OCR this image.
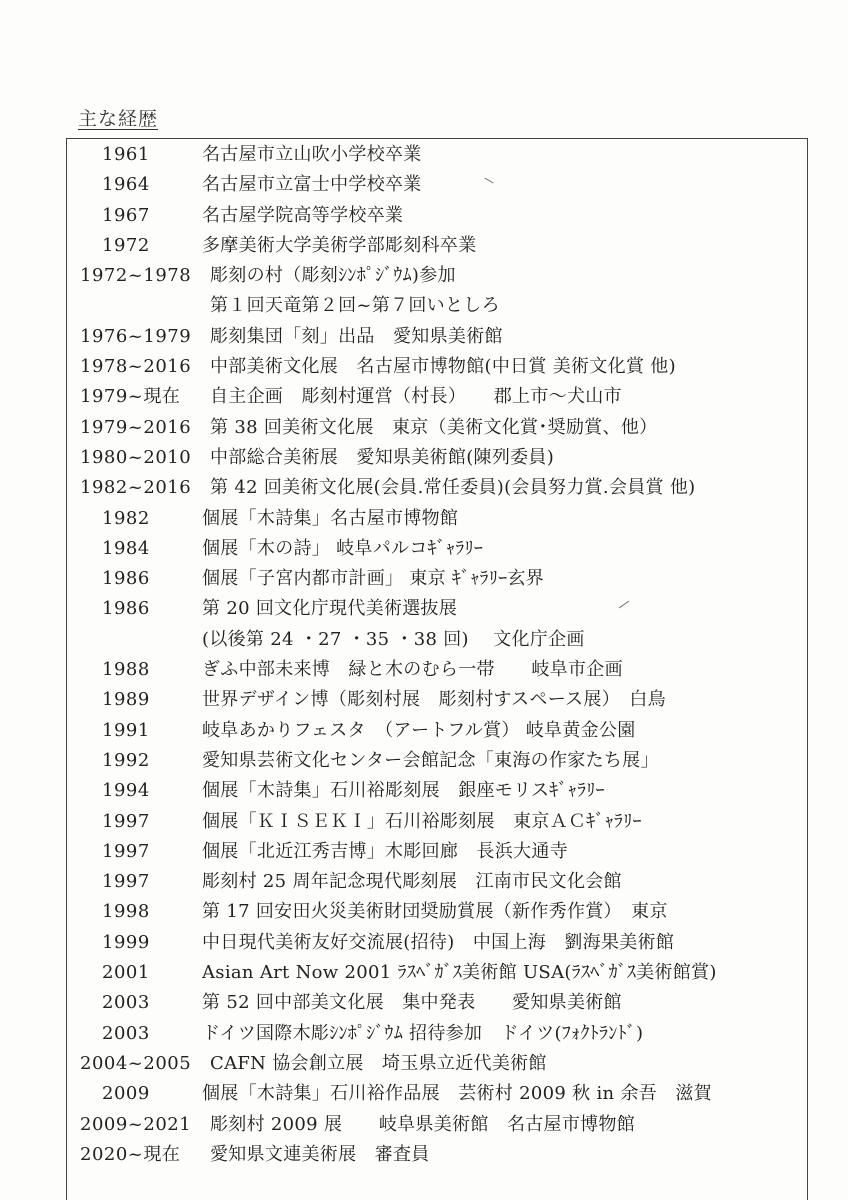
主な経歴
1961	名古屋市立山吹小学校卒業
1964	名古屋市立富士中学校卒業
1967	名古屋学院高等学校卒業
1972	多摩美術大学美術学部彫刻科卒業
1972~1978 彫刻の村（彫刻ｼﾝﾎﾟｼﾞｳﾑ)参加
第１回天竜第２回~第７回いとしろ
1976~1979 彫刻集団「刻」出品　愛知県美術館
1978~2016 中部美術文化展　名古屋市博物館(中日賞 美術文化賞 他)
1979~現在 自主企画　彫刻村運営（村長）　　郡上市～犬山市
1979~2016 第 38 回美術文化展　東京（美術文化賞･奨励賞、他）
1980~2010 中部総合美術展　愛知県美術館(陳列委員)
1982~2016 第 42 回美術文化展(会員.常任委員)(会員努力賞.会員賞 他)
1982	個展「木詩集」名古屋市博物館
1984	個展「木の詩」 岐阜パルコｷﾞｬﾗﾘｰ
1986	個展「子宮内都市計画」 東京 ｷﾞｬﾗﾘｰ玄界
1986	第 20 回文化庁現代美術選抜展
(以後第 24 ・27 ・35 ・38 回)　 文化庁企画
1988	ぎふ中部未来博　緑と木のむら一帯　　岐阜市企画
1989	世界デザイン博（彫刻村展　彫刻村すスペース展）　白鳥
1991	岐阜あかりフェスタ　（アートフル賞） 岐阜黄金公園
1992	愛知県芸術文化センター会館記念「東海の作家たち展」
1994	個展「木詩集」石川裕彫刻展　銀座モリスｷﾞｬﾗﾘｰ
1997	個展「ＫＩＳＥＫＩ」石川裕彫刻展　東京ＡＣｷﾞｬﾗﾘｰ
1997	個展「北近江秀吉博」木彫回廊　長浜大通寺
1997	彫刻村 25 周年記念現代彫刻展　江南市民文化会館
1998	第 17 回安田火災美術財団奨励賞展（新作秀作賞）　東京
1999	中日現代美術友好交流展(招待)　中国上海　劉海果美術館
2001	Asian Art Now 2001 ﾗｽﾍﾞｶﾞｽ美術館 USA(ﾗｽﾍﾞｶﾞｽ美術館賞)
2003	第 52 回中部美文化展　集中発表　　愛知県美術館
2003	ドイツ国際木彫ｼﾝﾎﾟｼﾞｳﾑ 招待参加　ドイツ(ﾌｫｸﾄﾗﾝﾄﾞ)
2004~2005 CAFN 協会創立展　埼玉県立近代美術館
2009	個展「木詩集」石川裕作品展　芸術村 2009 秋 in 余吾　滋賀
2009~2021 彫刻村 2009 展　　岐阜県美術館　名古屋市博物館
2020~現在 愛知県文連美術展　審査員
